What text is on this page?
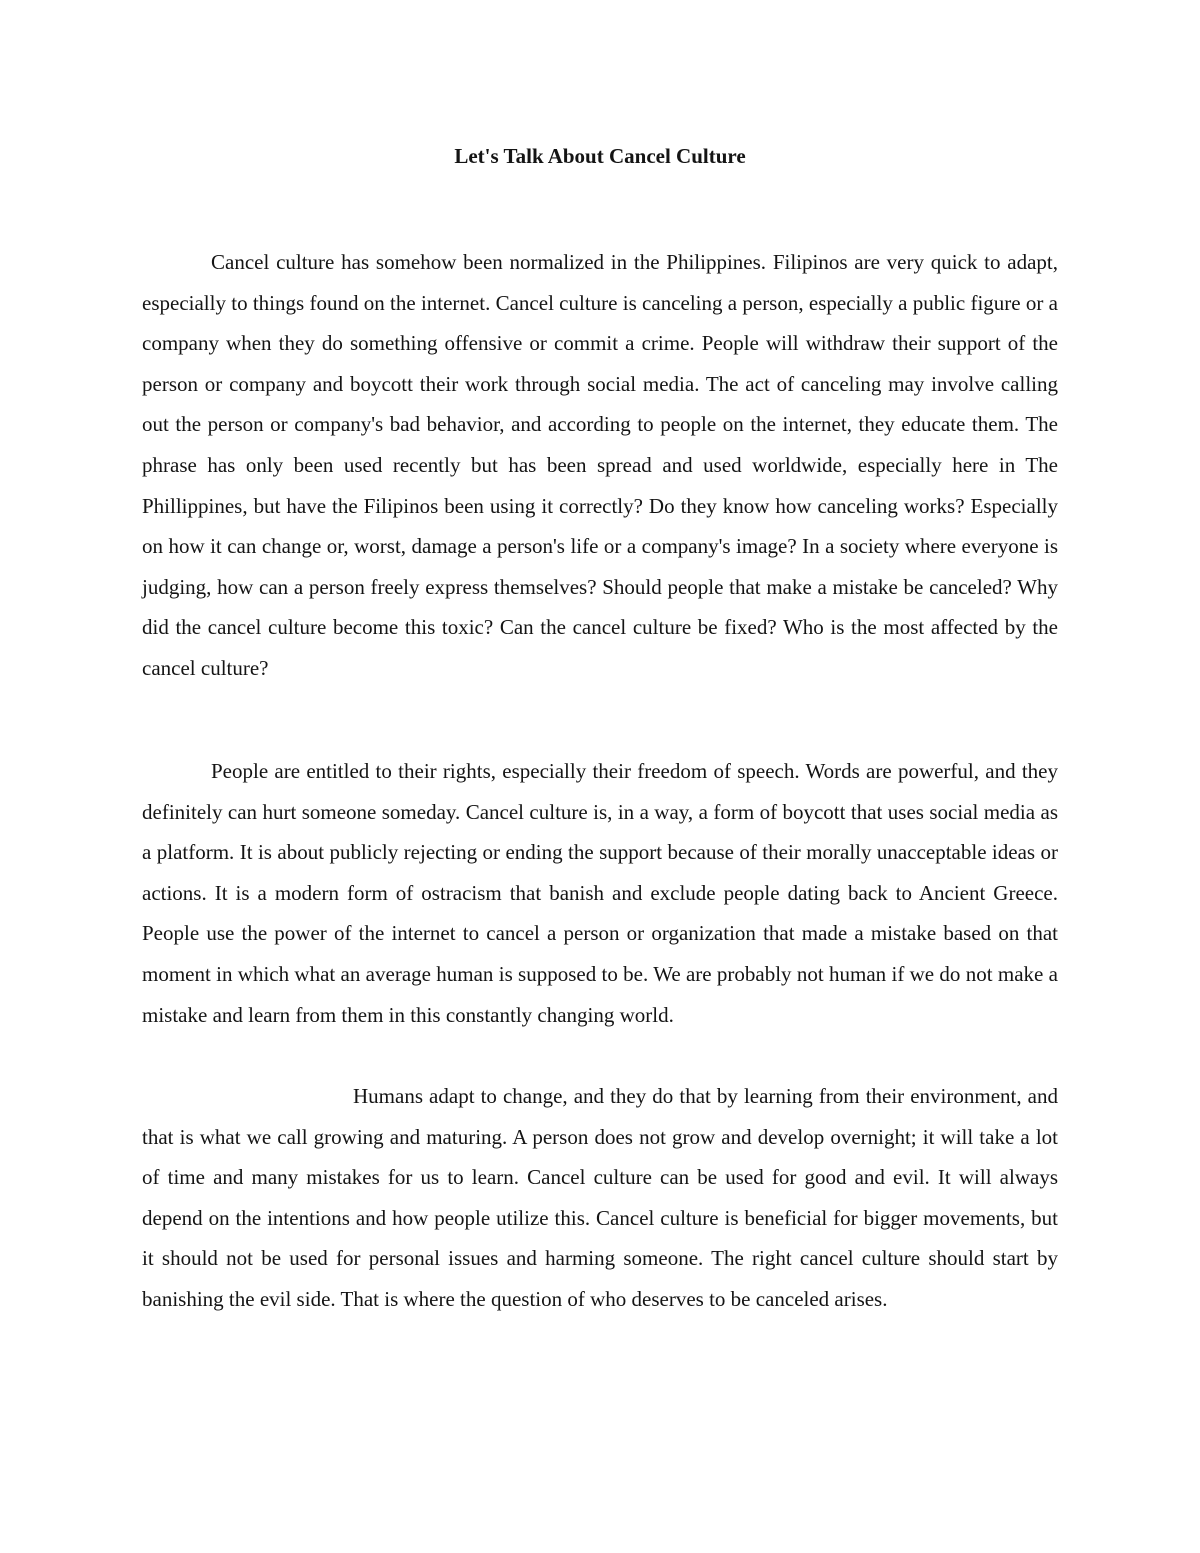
Let's Talk About Cancel Culture

Cancel culture has somehow been normalized in the Philippines. Filipinos are very quick to adapt, especially to things found on the internet. Cancel culture is canceling a person, especially a public figure or a company when they do something offensive or commit a crime. People will withdraw their support of the person or company and boycott their work through social media. The act of canceling may involve calling out the person or company's bad behavior, and according to people on the internet, they educate them. The phrase has only been used recently but has been spread and used worldwide, especially here in The Phillippines, but have the Filipinos been using it correctly? Do they know how canceling works? Especially on how it can change or, worst, damage a person's life or a company's image? In a society where everyone is judging, how can a person freely express themselves? Should people that make a mistake be canceled? Why did the cancel culture become this toxic? Can the cancel culture be fixed? Who is the most affected by the cancel culture?

People are entitled to their rights, especially their freedom of speech. Words are powerful, and they definitely can hurt someone someday. Cancel culture is, in a way, a form of boycott that uses social media as a platform. It is about publicly rejecting or ending the support because of their morally unacceptable ideas or actions. It is a modern form of ostracism that banish and exclude people dating back to Ancient Greece. People use the power of the internet to cancel a person or organization that made a mistake based on that moment in which what an average human is supposed to be. We are probably not human if we do not make a mistake and learn from them in this constantly changing world.

Humans adapt to change, and they do that by learning from their environment, and that is what we call growing and maturing. A person does not grow and develop overnight; it will take a lot of time and many mistakes for us to learn. Cancel culture can be used for good and evil. It will always depend on the intentions and how people utilize this. Cancel culture is beneficial for bigger movements, but it should not be used for personal issues and harming someone. The right cancel culture should start by banishing the evil side. That is where the question of who deserves to be canceled arises.
